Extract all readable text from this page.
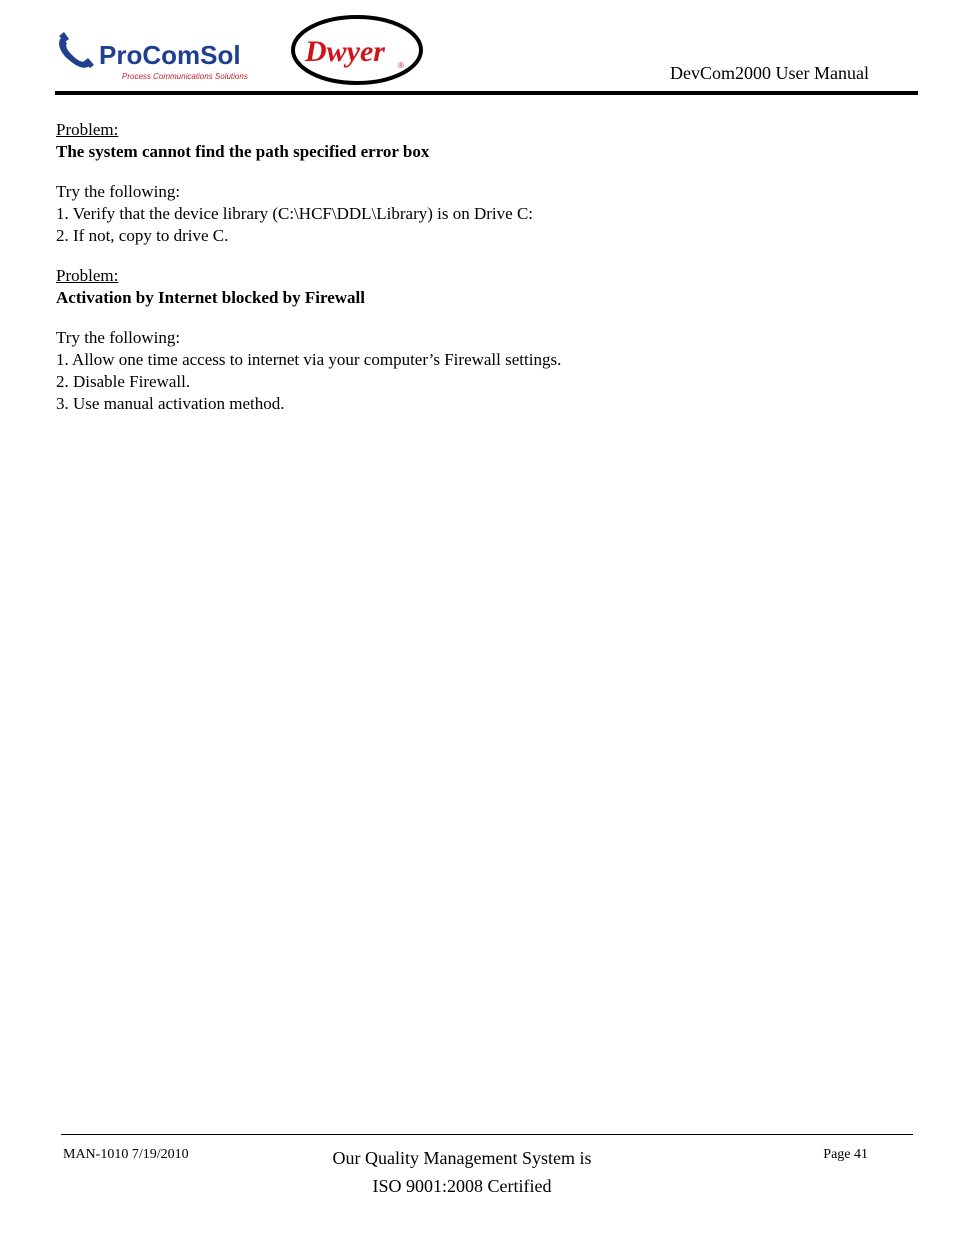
ProComSol
Process Communications Solutions
Dwyer ®	DevCom2000 User Manual
Problem:
The system cannot find the path specified error box
Try the following:
1. Verify that the device library (C:\HCF\DDL\Library) is on Drive C:
2. If not, copy to drive C.
Problem:
Activation by Internet blocked by Firewall
Try the following:
1. Allow one time access to internet via your computer’s Firewall settings.
2. Disable Firewall.
3. Use manual activation method.
MAN-1010 7/19/2010	Our Quality Management System is
ISO 9001:2008 Certified
Page 41
